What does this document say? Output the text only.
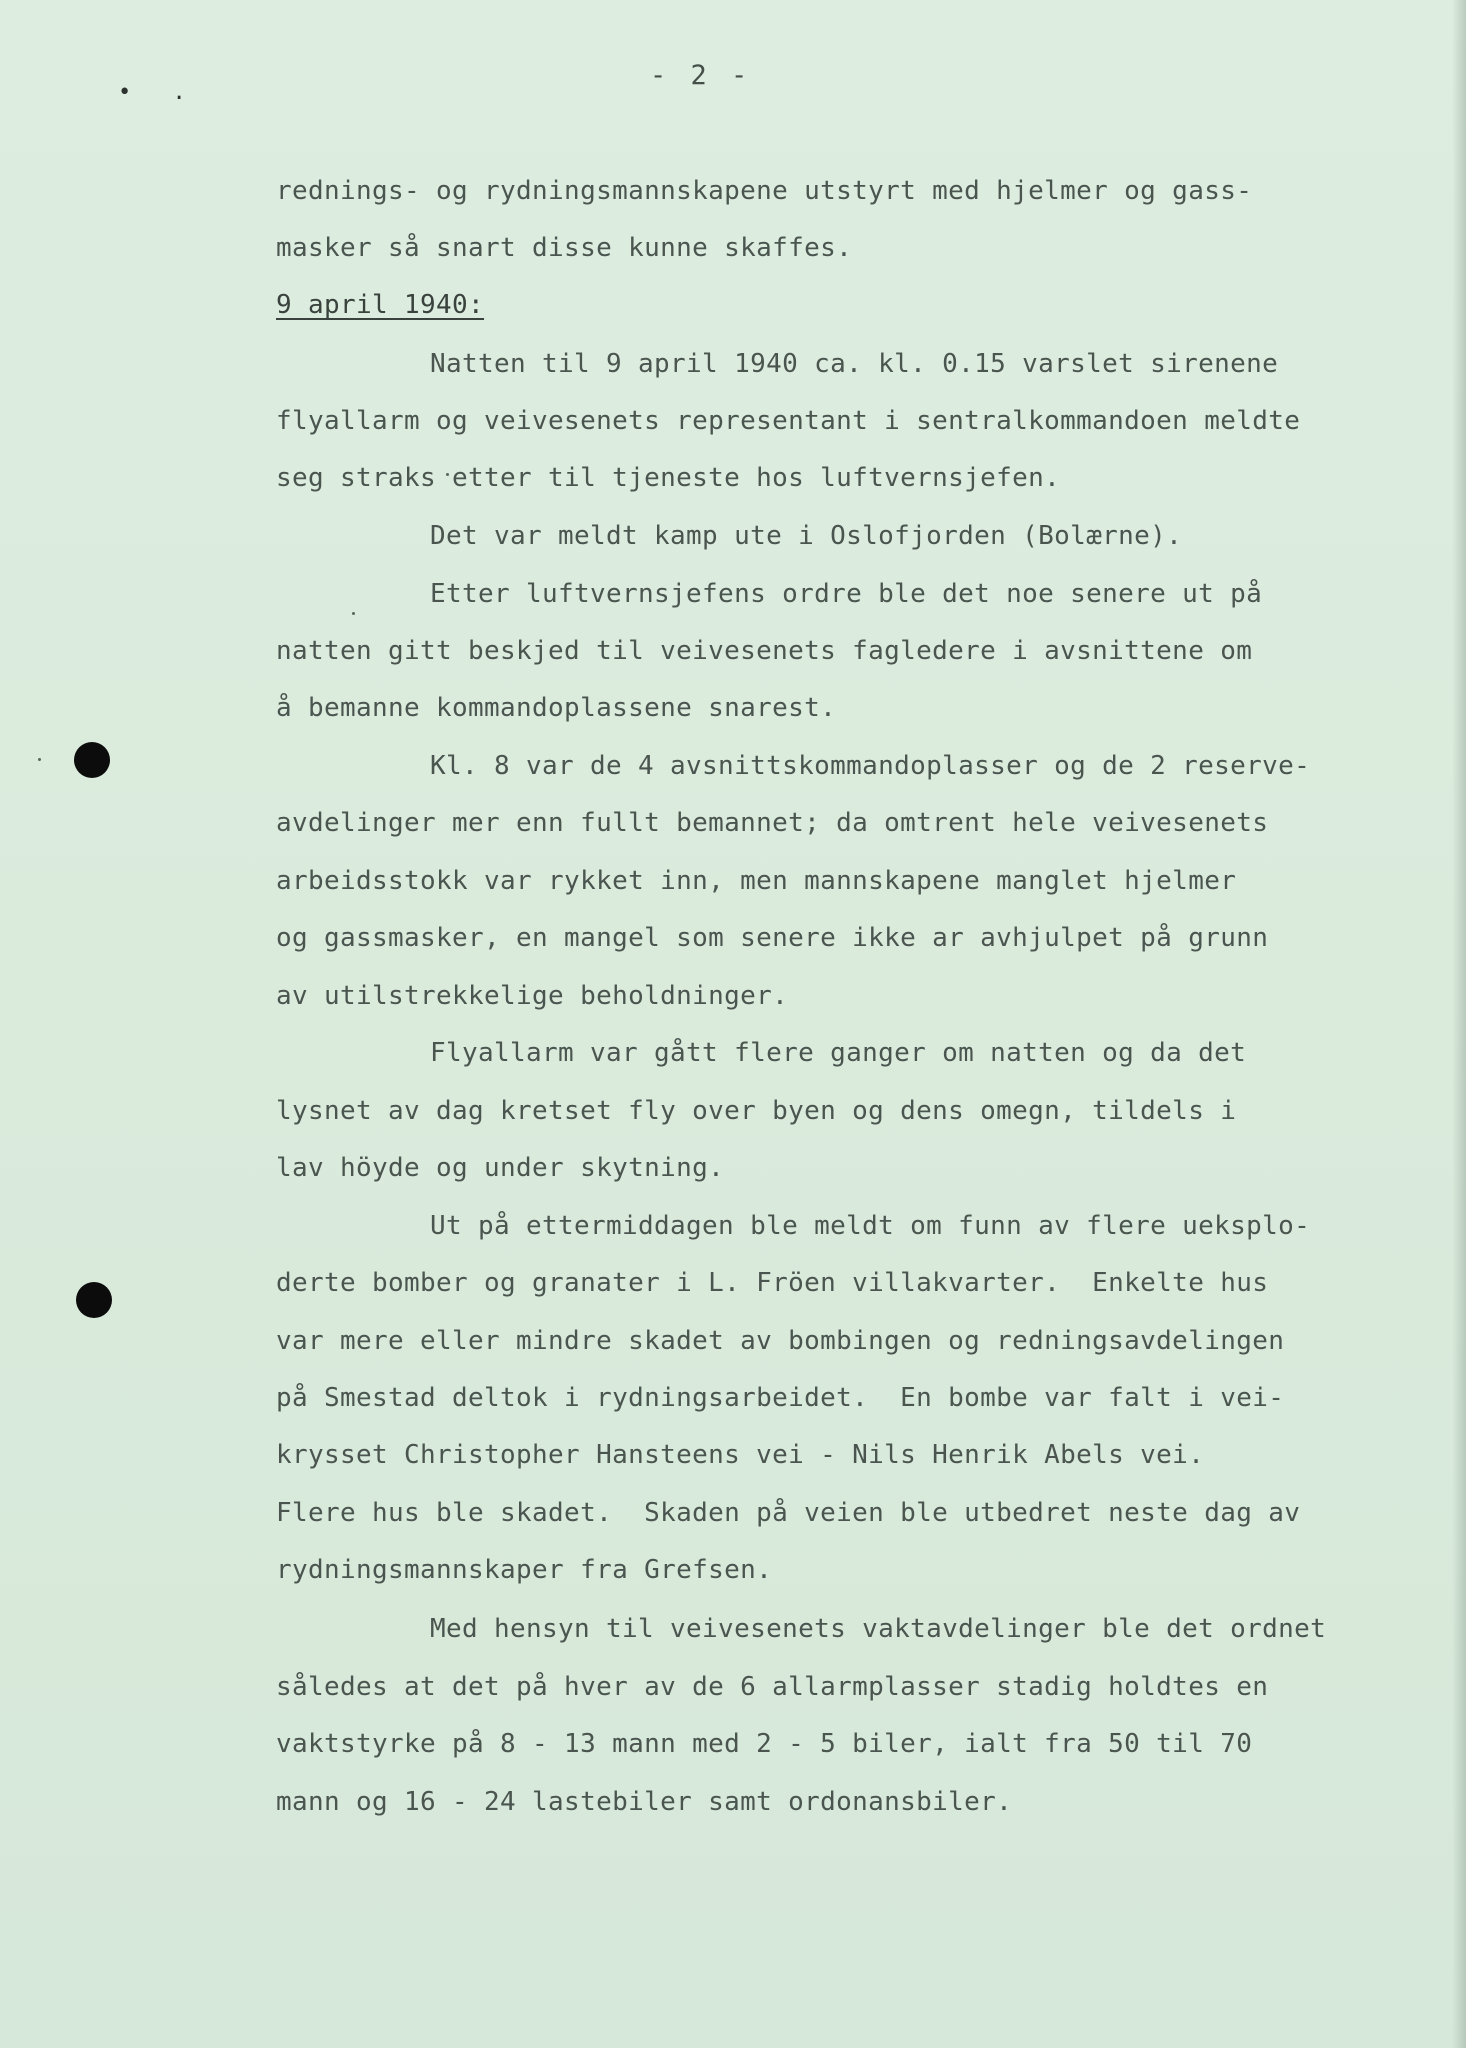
• .
- 2 -
rednings- og rydningsmannskapene utstyrt med hjelmer og gass-
masker så snart disse kunne skaffes.
9 april 1940:
Natten til 9 april 1940 ca. kl. 0.15 varslet sirenene
flyallarm og veivesenets representant i sentralkommandoen meldte
seg straks etter til tjeneste hos luftvernsjefen.
Det var meldt kamp ute i Oslofjorden (Bolærne).
Etter luftvernsjefens ordre ble det noe senere ut på
natten gitt beskjed til veivesenets fagledere i avsnittene om
å bemanne kommandoplassene snarest.
Kl. 8 var de 4 avsnittskommandoplasser og de 2 reserve-
avdelinger mer enn fullt bemannet; da omtrent hele veivesenets
arbeidsstokk var rykket inn, men mannskapene manglet hjelmer
og gassmasker, en mangel som senere ikke ar avhjulpet på grunn
av utilstrekkelige beholdninger.
Flyallarm var gått flere ganger om natten og da det
lysnet av dag kretset fly over byen og dens omegn, tildels i
lav höyde og under skytning.
Ut på ettermiddagen ble meldt om funn av flere ueksplo-
derte bomber og granater i L. Fröen villakvarter.  Enkelte hus
var mere eller mindre skadet av bombingen og redningsavdelingen
på Smestad deltok i rydningsarbeidet.  En bombe var falt i vei-
krysset Christopher Hansteens vei - Nils Henrik Abels vei.
Flere hus ble skadet.  Skaden på veien ble utbedret neste dag av
rydningsmannskaper fra Grefsen.
Med hensyn til veivesenets vaktavdelinger ble det ordnet
således at det på hver av de 6 allarmplasser stadig holdtes en
vaktstyrke på 8 - 13 mann med 2 - 5 biler, ialt fra 50 til 70
mann og 16 - 24 lastebiler samt ordonansbiler.
